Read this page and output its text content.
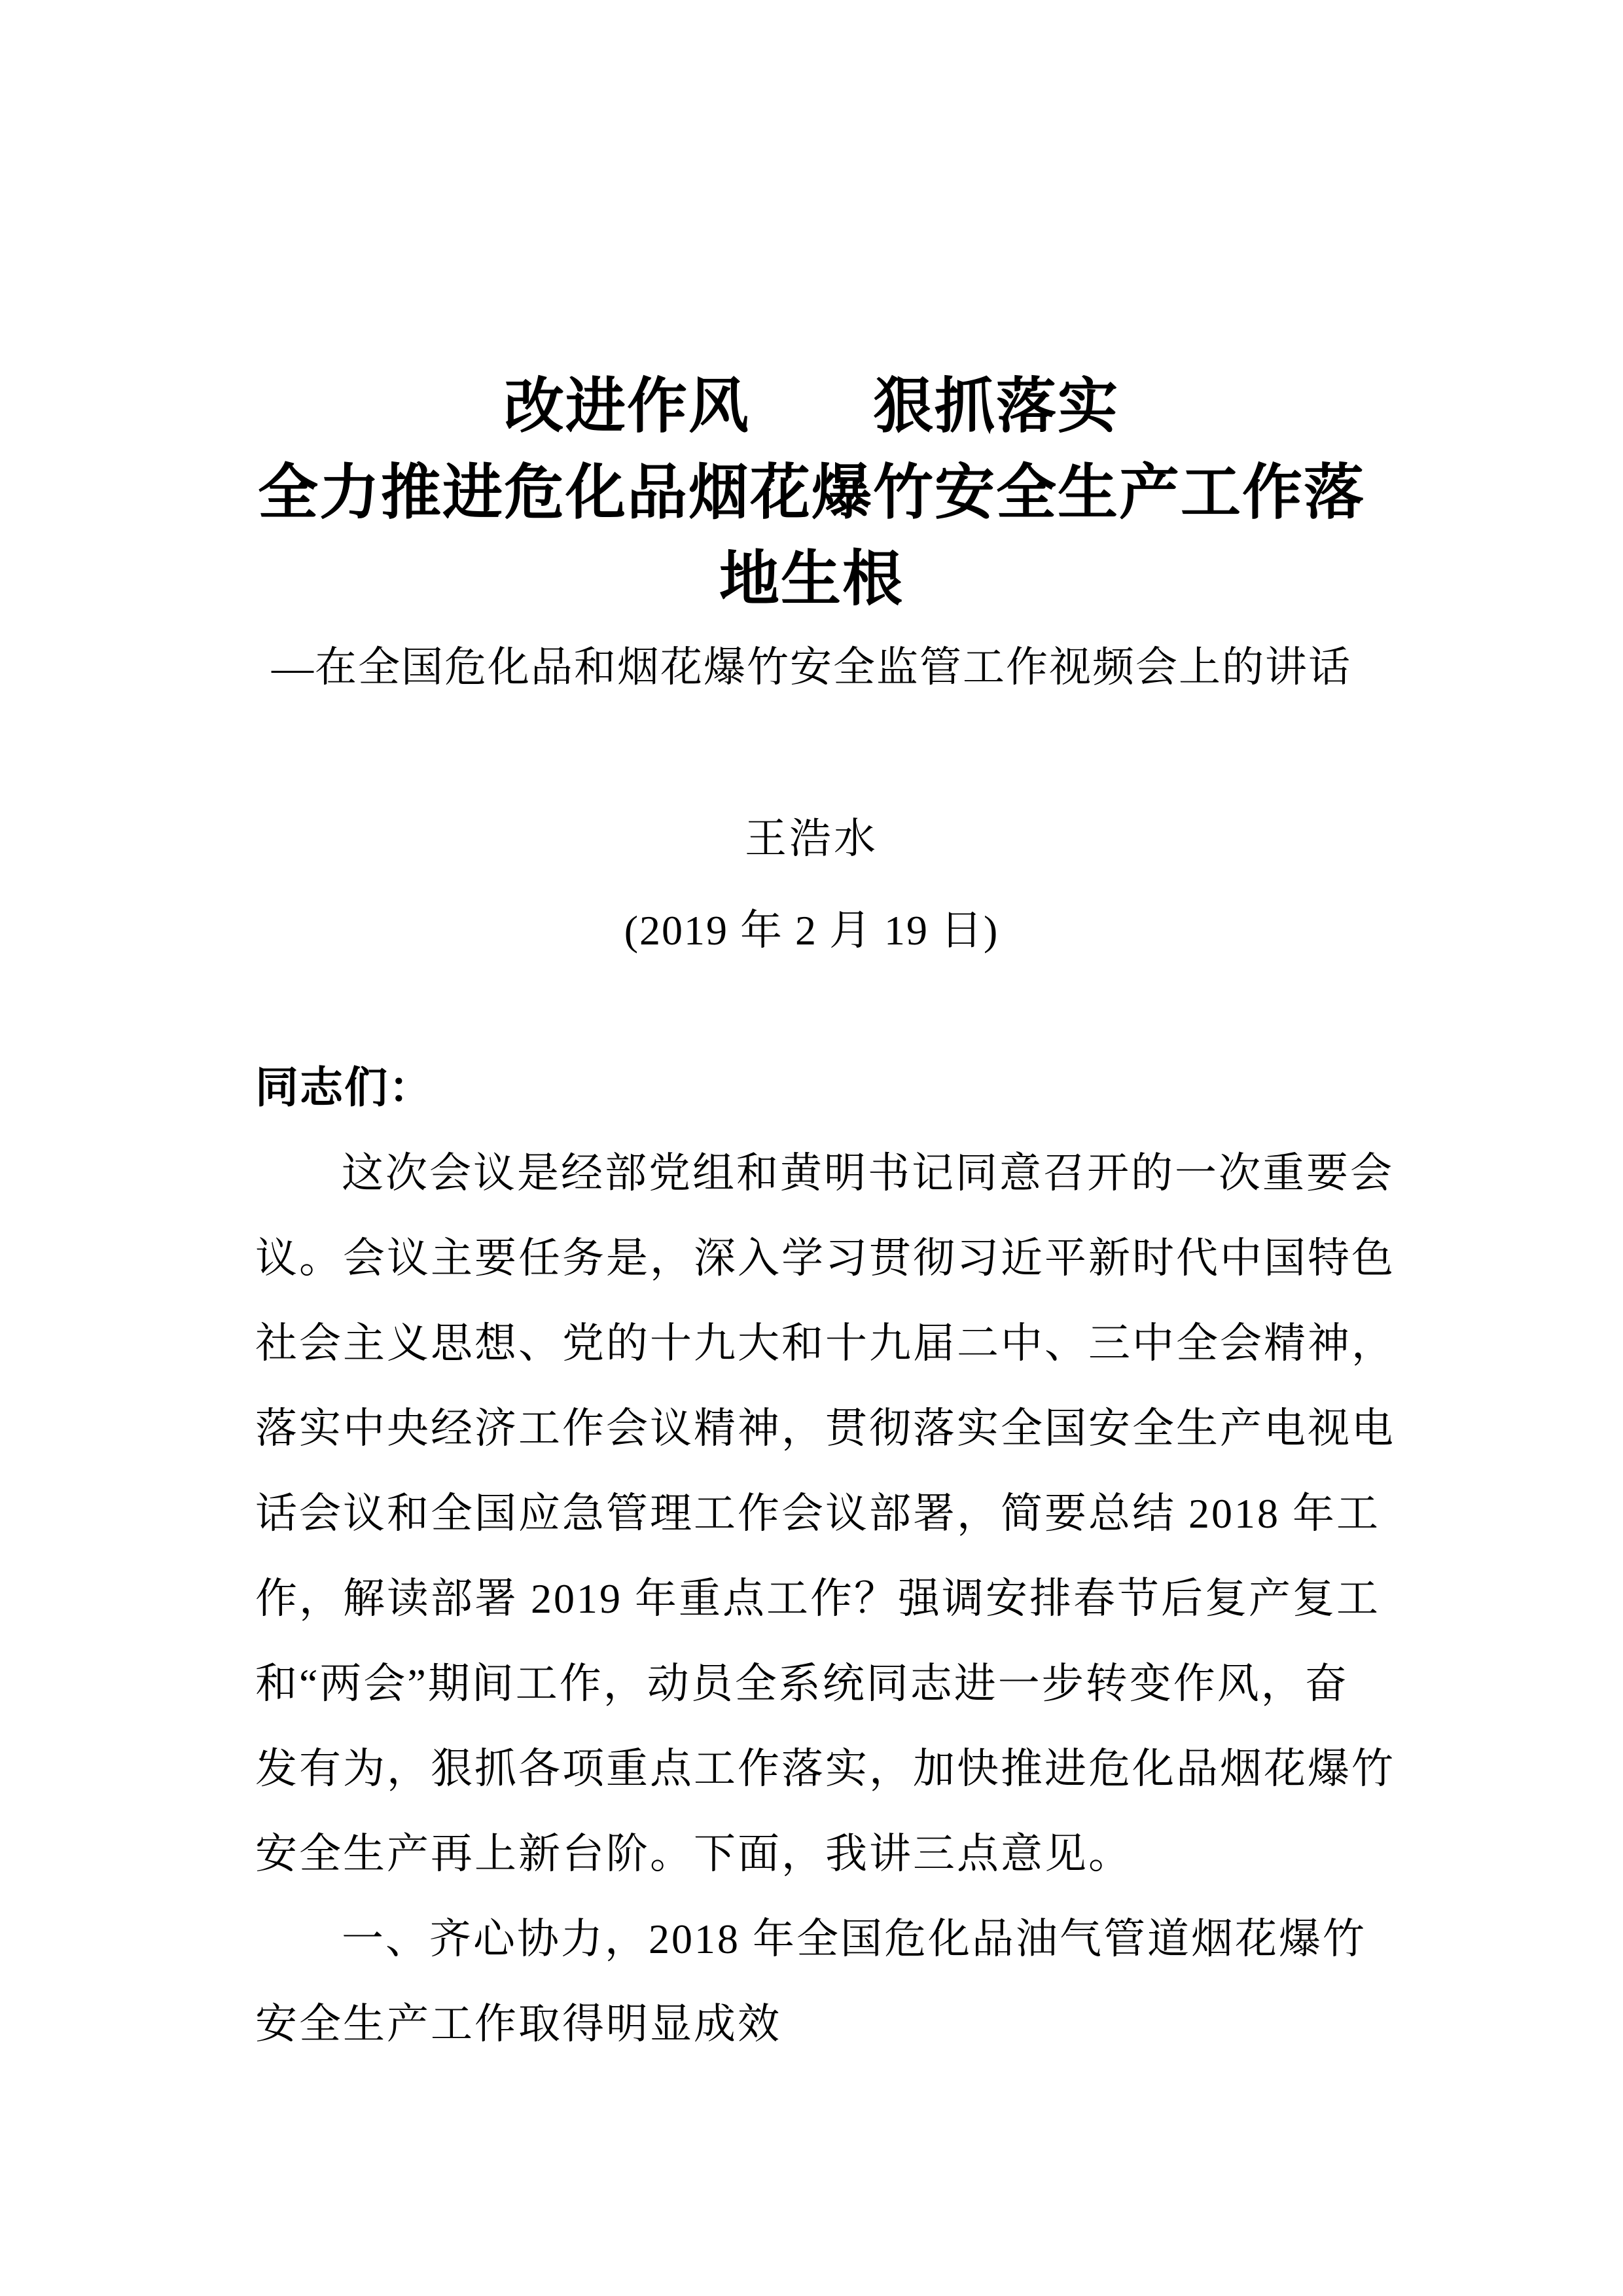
改进作风　　狠抓落实
全力推进危化品烟花爆竹安全生产工作落
地生根
—在全国危化品和烟花爆竹安全监管工作视频会上的讲话
王浩水
(2019 年 2 月 19 日)
同志们：
这次会议是经部党组和黄明书记同意召开的一次重要会
议。会议主要任务是，深入学习贯彻习近平新时代中国特色
社会主义思想、党的十九大和十九届二中、三中全会精神，
落实中央经济工作会议精神，贯彻落实全国安全生产电视电
话会议和全国应急管理工作会议部署，简要总结 2018 年工
作，解读部署 2019 年重点工作？强调安排春节后复产复工
和“两会”期间工作，动员全系统同志进一步转变作风，奋
发有为，狠抓各项重点工作落实，加快推进危化品烟花爆竹
安全生产再上新台阶。下面，我讲三点意见。
一、齐心协力，2018 年全国危化品油气管道烟花爆竹
安全生产工作取得明显成效
